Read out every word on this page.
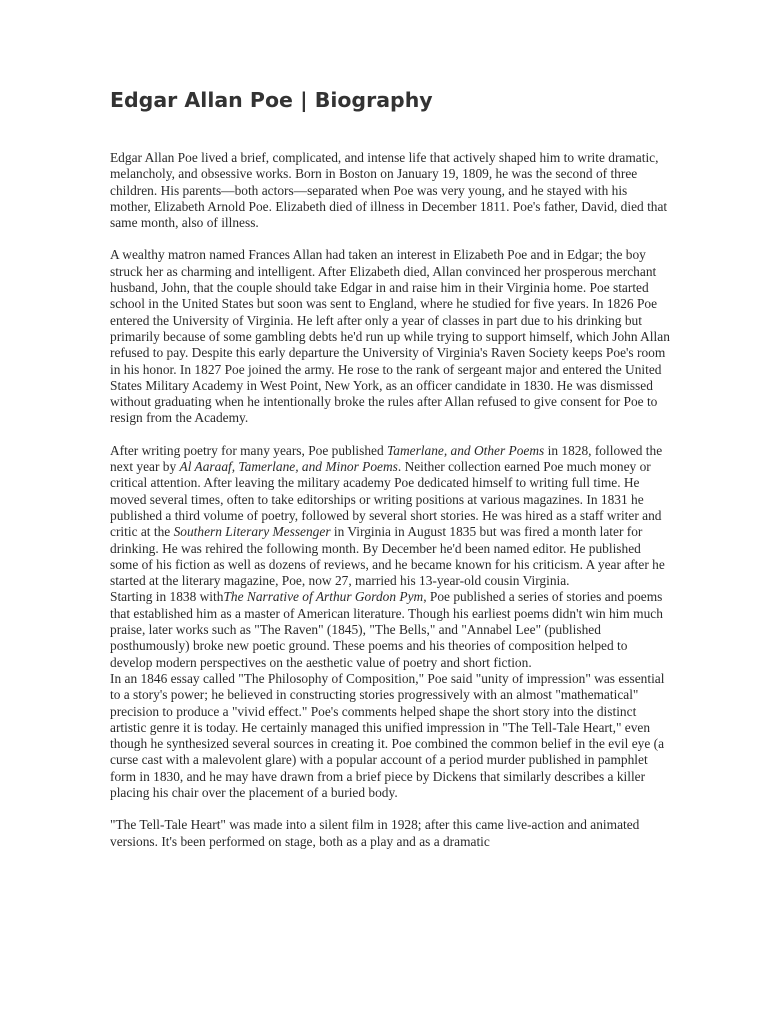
Edgar Allan Poe | Biography

Edgar Allan Poe lived a brief, complicated, and intense life that actively shaped him to write dramatic, melancholy, and obsessive works. Born in Boston on January 19, 1809, he was the second of three children. His parents—both actors—separated when Poe was very young, and he stayed with his mother, Elizabeth Arnold Poe. Elizabeth died of illness in December 1811. Poe's father, David, died that same month, also of illness.

A wealthy matron named Frances Allan had taken an interest in Elizabeth Poe and in Edgar; the boy struck her as charming and intelligent. After Elizabeth died, Allan convinced her prosperous merchant husband, John, that the couple should take Edgar in and raise him in their Virginia home. Poe started school in the United States but soon was sent to England, where he studied for five years. In 1826 Poe entered the University of Virginia. He left after only a year of classes in part due to his drinking but primarily because of some gambling debts he'd run up while trying to support himself, which John Allan refused to pay. Despite this early departure the University of Virginia's Raven Society keeps Poe's room in his honor. In 1827 Poe joined the army. He rose to the rank of sergeant major and entered the United States Military Academy in West Point, New York, as an officer candidate in 1830. He was dismissed without graduating when he intentionally broke the rules after Allan refused to give consent for Poe to resign from the Academy.

After writing poetry for many years, Poe published Tamerlane, and Other Poems in 1828, followed the next year by Al Aaraaf, Tamerlane, and Minor Poems. Neither collection earned Poe much money or critical attention. After leaving the military academy Poe dedicated himself to writing full time. He moved several times, often to take editorships or writing positions at various magazines. In 1831 he published a third volume of poetry, followed by several short stories. He was hired as a staff writer and critic at the Southern Literary Messenger in Virginia in August 1835 but was fired a month later for drinking. He was rehired the following month. By December he'd been named editor. He published some of his fiction as well as dozens of reviews, and he became known for his criticism. A year after he started at the literary magazine, Poe, now 27, married his 13-year-old cousin Virginia.

Starting in 1838 withThe Narrative of Arthur Gordon Pym, Poe published a series of stories and poems that established him as a master of American literature. Though his earliest poems didn't win him much praise, later works such as "The Raven" (1845), "The Bells," and "Annabel Lee" (published posthumously) broke new poetic ground. These poems and his theories of composition helped to develop modern perspectives on the aesthetic value of poetry and short fiction.

In an 1846 essay called "The Philosophy of Composition," Poe said "unity of impression" was essential to a story's power; he believed in constructing stories progressively with an almost "mathematical" precision to produce a "vivid effect." Poe's comments helped shape the short story into the distinct artistic genre it is today. He certainly managed this unified impression in "The Tell-Tale Heart," even though he synthesized several sources in creating it. Poe combined the common belief in the evil eye (a curse cast with a malevolent glare) with a popular account of a period murder published in pamphlet form in 1830, and he may have drawn from a brief piece by Dickens that similarly describes a killer placing his chair over the placement of a buried body.

"The Tell-Tale Heart" was made into a silent film in 1928; after this came live-action and animated versions. It's been performed on stage, both as a play and as a dramatic
